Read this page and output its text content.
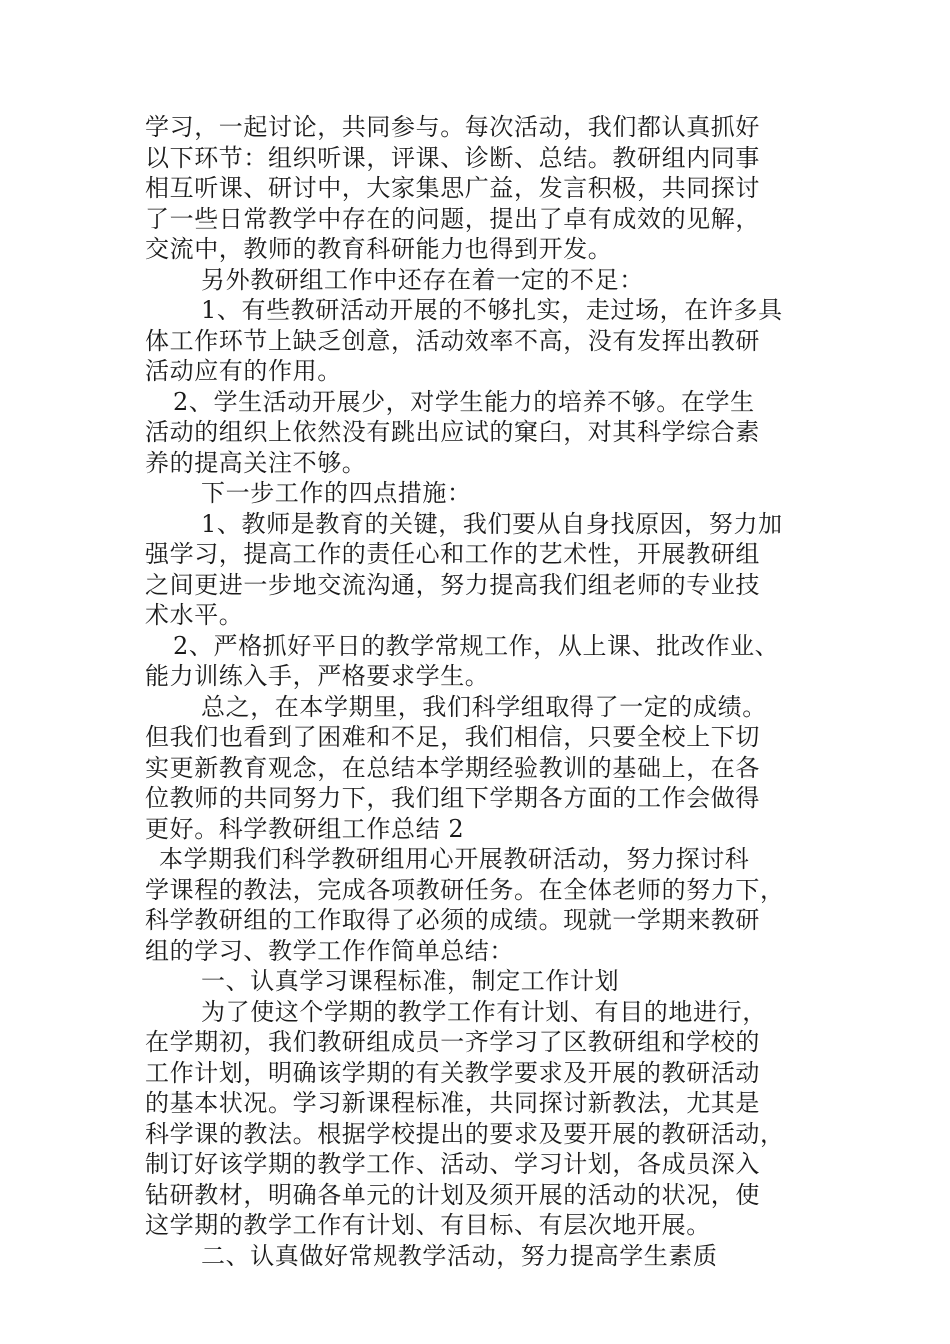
学习，一起讨论，共同参与。每次活动，我们都认真抓好
以下环节：组织听课，评课、诊断、总结。教研组内同事
相互听课、研讨中，大家集思广益，发言积极，共同探讨
了一些日常教学中存在的问题，提出了卓有成效的见解，
交流中，教师的教育科研能力也得到开发。
另外教研组工作中还存在着一定的不足：
1、有些教研活动开展的不够扎实，走过场，在许多具
体工作环节上缺乏创意，活动效率不高，没有发挥出教研
活动应有的作用。
2、学生活动开展少，对学生能力的培养不够。在学生
活动的组织上依然没有跳出应试的窠臼，对其科学综合素
养的提高关注不够。
下一步工作的四点措施：
1、教师是教育的关键，我们要从自身找原因，努力加
强学习，提高工作的责任心和工作的艺术性，开展教研组
之间更进一步地交流沟通，努力提高我们组老师的专业技
术水平。
2、严格抓好平日的教学常规工作，从上课、批改作业、
能力训练入手，严格要求学生。
总之，在本学期里，我们科学组取得了一定的成绩。
但我们也看到了困难和不足，我们相信，只要全校上下切
实更新教育观念，在总结本学期经验教训的基础上，在各
位教师的共同努力下，我们组下学期各方面的工作会做得
更好。科学教研组工作总结 2
本学期我们科学教研组用心开展教研活动，努力探讨科
学课程的教法，完成各项教研任务。在全体老师的努力下，
科学教研组的工作取得了必须的成绩。现就一学期来教研
组的学习、教学工作作简单总结：
一、认真学习课程标准，制定工作计划
为了使这个学期的教学工作有计划、有目的地进行，
在学期初，我们教研组成员一齐学习了区教研组和学校的
工作计划，明确该学期的有关教学要求及开展的教研活动
的基本状况。学习新课程标准，共同探讨新教法，尤其是
科学课的教法。根据学校提出的要求及要开展的教研活动，
制订好该学期的教学工作、活动、学习计划，各成员深入
钻研教材，明确各单元的计划及须开展的活动的状况，使
这学期的教学工作有计划、有目标、有层次地开展。
二、认真做好常规教学活动，努力提高学生素质
